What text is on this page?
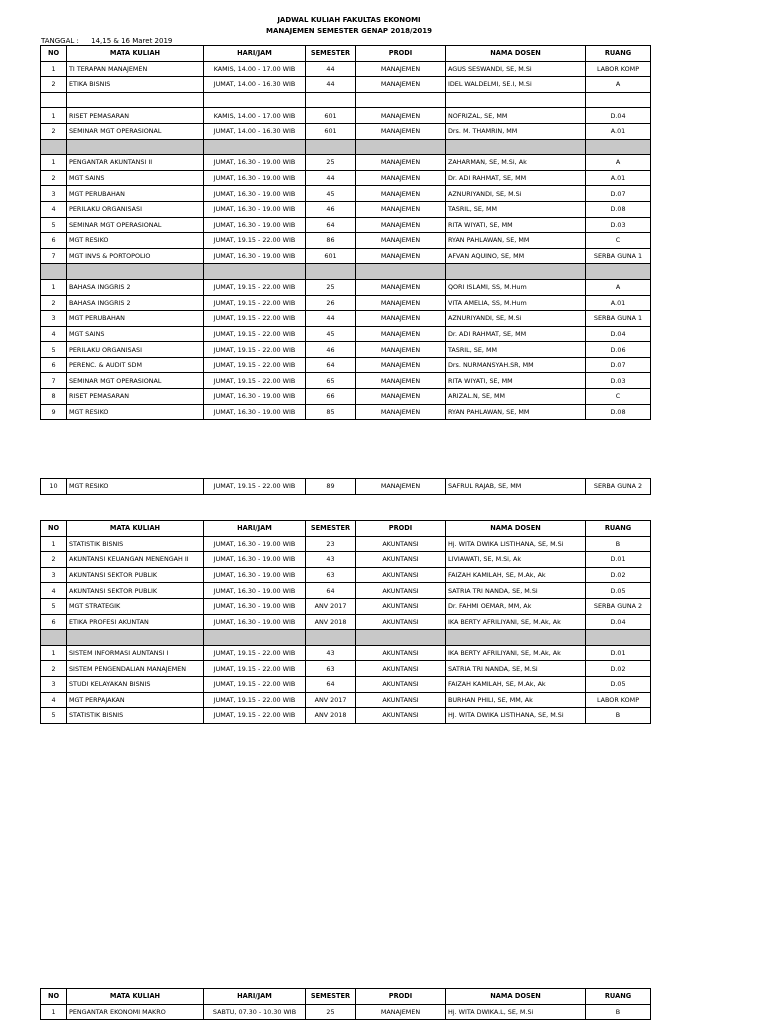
JADWAL KULIAH FAKULTAS EKONOMI
MANAJEMEN SEMESTER GENAP 2018/2019
TANGGAL : 14,15 & 16 Maret 2019
NO	MATA KULIAH	HARI/JAM	SEMESTER	PRODI	NAMA DOSEN	RUANG
1	TI TERAPAN MANAJEMEN	KAMIS, 14.00 - 17.00 WIB	44	MANAJEMEN	AGUS SESWANDI, SE, M.Si	LABOR KOMP
2	ETIKA BISNIS	JUMAT, 14.00 - 16.30 WIB	44	MANAJEMEN	IDEL WALDELMI, SE.I, M.Si	A

1	RISET PEMASARAN	KAMIS, 14.00 - 17.00 WIB	601	MANAJEMEN	NOFRIZAL, SE, MM	D.04
2	SEMINAR MGT OPERASIONAL	JUMAT, 14.00 - 16.30 WIB	601	MANAJEMEN	Drs. M. THAMRIN, MM	A.01

1	PENGANTAR AKUNTANSI II	JUMAT, 16.30 - 19.00 WIB	25	MANAJEMEN	ZAHARMAN, SE, M.Si, Ak	A
2	MGT SAINS	JUMAT, 16.30 - 19.00 WIB	44	MANAJEMEN	Dr. ADI RAHMAT, SE, MM	A.01
3	MGT PERUBAHAN	JUMAT, 16.30 - 19.00 WIB	45	MANAJEMEN	AZNURIYANDI, SE, M.Si	D.07
4	PERILAKU ORGANISASI	JUMAT, 16.30 - 19.00 WIB	46	MANAJEMEN	TASRIL, SE, MM	D.08
5	SEMINAR MGT OPERASIONAL	JUMAT, 16.30 - 19.00 WIB	64	MANAJEMEN	RITA WIYATI, SE, MM	D.03
6	MGT RESIKO	JUMAT, 19.15 - 22.00 WIB	86	MANAJEMEN	RYAN PAHLAWAN, SE, MM	C
7	MGT INVS & PORTOPOLIO	JUMAT, 16.30 - 19.00 WIB	601	MANAJEMEN	AFVAN AQUINO, SE, MM	SERBA GUNA 1

1	BAHASA INGGRIS 2	JUMAT, 19.15 - 22.00 WIB	25	MANAJEMEN	QORI ISLAMI, SS, M.Hum	A
2	BAHASA INGGRIS 2	JUMAT, 19.15 - 22.00 WIB	26	MANAJEMEN	VITA AMELIA, SS, M.Hum	A.01
3	MGT PERUBAHAN	JUMAT, 19.15 - 22.00 WIB	44	MANAJEMEN	AZNURIYANDI, SE, M.Si	SERBA GUNA 1
4	MGT SAINS	JUMAT, 19.15 - 22.00 WIB	45	MANAJEMEN	Dr. ADI RAHMAT, SE, MM	D.04
5	PERILAKU ORGANISASI	JUMAT, 19.15 - 22.00 WIB	46	MANAJEMEN	TASRIL, SE, MM	D.06
6	PERENC. & AUDIT SDM	JUMAT, 19.15 - 22.00 WIB	64	MANAJEMEN	Drs. NURMANSYAH.SR, MM	D.07
7	SEMINAR MGT OPERASIONAL	JUMAT, 19.15 - 22.00 WIB	65	MANAJEMEN	RITA WIYATI, SE, MM	D.03
8	RISET PEMASARAN	JUMAT, 16.30 - 19.00 WIB	66	MANAJEMEN	ARIZAL.N, SE, MM	C
9	MGT RESIKO	JUMAT, 16.30 - 19.00 WIB	85	MANAJEMEN	RYAN PAHLAWAN, SE, MM	D.08
10	MGT RESIKO	JUMAT, 19.15 - 22.00 WIB	89	MANAJEMEN	SAFRUL RAJAB, SE, MM	SERBA GUNA 2
NO	MATA KULIAH	HARI/JAM	SEMESTER	PRODI	NAMA DOSEN	RUANG
1	STATISTIK BISNIS	JUMAT, 16.30 - 19.00 WIB	23	AKUNTANSI	Hj. WITA DWIKA LISTIHANA, SE, M.Si	B
2	AKUNTANSI KEUANGAN MENENGAH II	JUMAT, 16.30 - 19.00 WIB	43	AKUNTANSI	LIVIAWATI, SE, M.Si, Ak	D.01
3	AKUNTANSI SEKTOR PUBLIK	JUMAT, 16.30 - 19.00 WIB	63	AKUNTANSI	FAIZAH KAMILAH, SE, M.Ak, Ak	D.02
4	AKUNTANSI SEKTOR PUBLIK	JUMAT, 16.30 - 19.00 WIB	64	AKUNTANSI	SATRIA TRI NANDA, SE, M.Si	D.05
5	MGT STRATEGIK	JUMAT, 16.30 - 19.00 WIB	ANV 2017	AKUNTANSI	Dr. FAHMI OEMAR, MM, Ak	SERBA GUNA 2
6	ETIKA PROFESI AKUNTAN	JUMAT, 16.30 - 19.00 WIB	ANV 2018	AKUNTANSI	IKA BERTY AFRILIYANI, SE, M.Ak, Ak	D.04

1	SISTEM INFORMASI AUNTANSI I	JUMAT, 19.15 - 22.00 WIB	43	AKUNTANSI	IKA BERTY AFRILIYANI, SE, M.Ak, Ak	D.01
2	SISTEM PENGENDALIAN MANAJEMEN	JUMAT, 19.15 - 22.00 WIB	63	AKUNTANSI	SATRIA TRI NANDA, SE, M.Si	D.02
3	STUDI KELAYAKAN BISNIS	JUMAT, 19.15 - 22.00 WIB	64	AKUNTANSI	FAIZAH KAMILAH, SE, M.Ak, Ak	D.05
4	MGT PERPAJAKAN	JUMAT, 19.15 - 22.00 WIB	ANV 2017	AKUNTANSI	BURHAN PHILI, SE, MM, Ak	LABOR KOMP
5	STATISTIK BISNIS	JUMAT, 19.15 - 22.00 WIB	ANV 2018	AKUNTANSI	HJ. WITA DWIKA LISTIHANA, SE, M.Si	B
NO	MATA KULIAH	HARI/JAM	SEMESTER	PRODI	NAMA DOSEN	RUANG
1	PENGANTAR EKONOMI MAKRO	SABTU, 07.30 - 10.30 WIB	25	MANAJEMEN	Hj. WITA DWIKA.L, SE, M.Si	B
